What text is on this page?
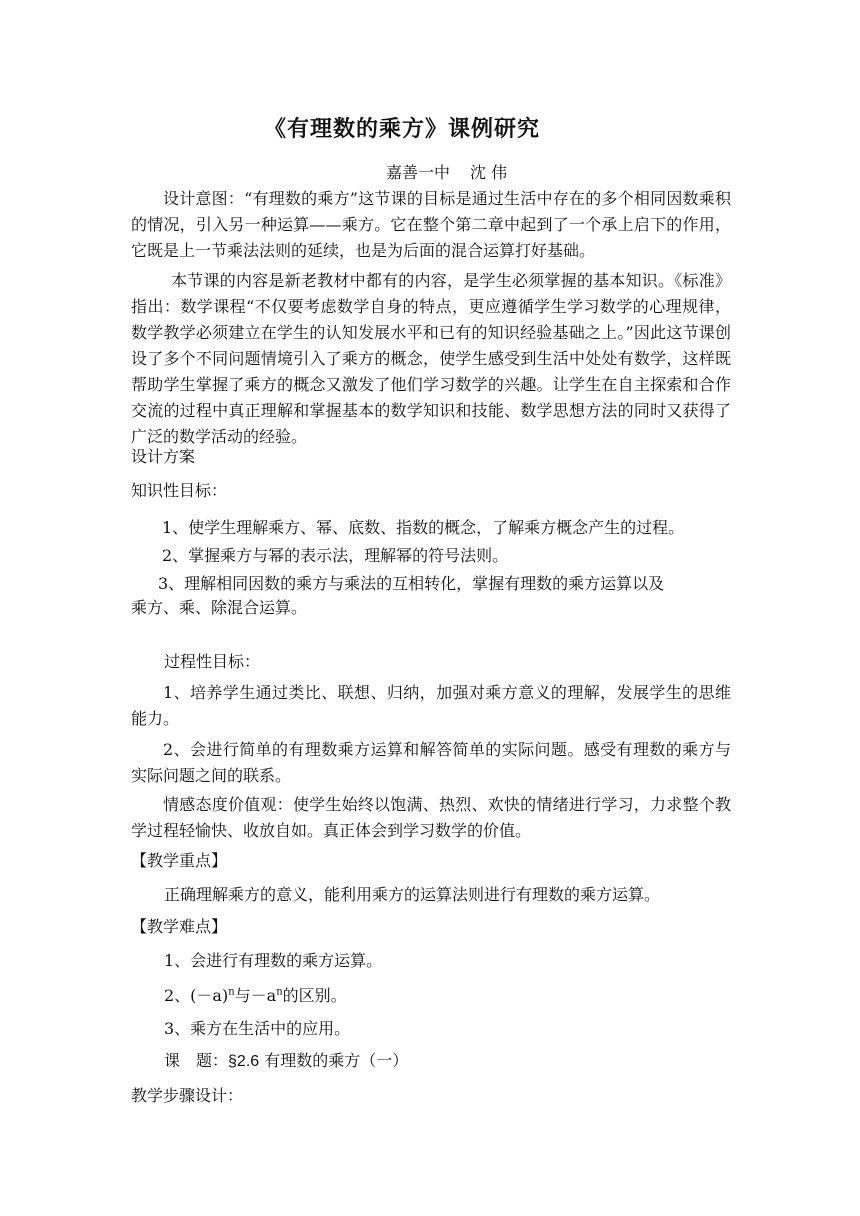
《有理数的乘方》课例研究
嘉善一中 沈 伟
设计意图：“有理数的乘方”这节课的目标是通过生活中存在的多个相同因数乘积的情况，引入另一种运算——乘方。它在整个第二章中起到了一个承上启下的作用，它既是上一节乘法法则的延续，也是为后面的混合运算打好基础。
本节课的内容是新老教材中都有的内容，是学生必须掌握的基本知识。《标准》指出：数学课程“不仅要考虑数学自身的特点，更应遵循学生学习数学的心理规律，数学教学必须建立在学生的认知发展水平和已有的知识经验基础之上。”因此这节课创设了多个不同问题情境引入了乘方的概念，使学生感受到生活中处处有数学，这样既帮助学生掌握了乘方的概念又激发了他们学习数学的兴趣。让学生在自主探索和合作交流的过程中真正理解和掌握基本的数学知识和技能、数学思想方法的同时又获得了广泛的数学活动的经验。
设计方案
知识性目标：
1、使学生理解乘方、幂、底数、指数的概念，了解乘方概念产生的过程。
2、掌握乘方与幂的表示法，理解幂的符号法则。
3、理解相同因数的乘方与乘法的互相转化，掌握有理数的乘方运算以及
乘方、乘、除混合运算。
过程性目标：
1、培养学生通过类比、联想、归纳，加强对乘方意义的理解，发展学生的思维能力。
2、会进行简单的有理数乘方运算和解答简单的实际问题。感受有理数的乘方与实际问题之间的联系。
情感态度价值观：使学生始终以饱满、热烈、欢快的情绪进行学习，力求整个教学过程轻愉快、收放自如。真正体会到学习数学的价值。
【教学重点】
正确理解乘方的意义，能利用乘方的运算法则进行有理数的乘方运算。
【教学难点】
1、会进行有理数的乘方运算。
2、$(-a)^n$与$-a^n$的区别。
3、乘方在生活中的应用。
课　题：§2.6 有理数的乘方（一）
教学步骤设计：
